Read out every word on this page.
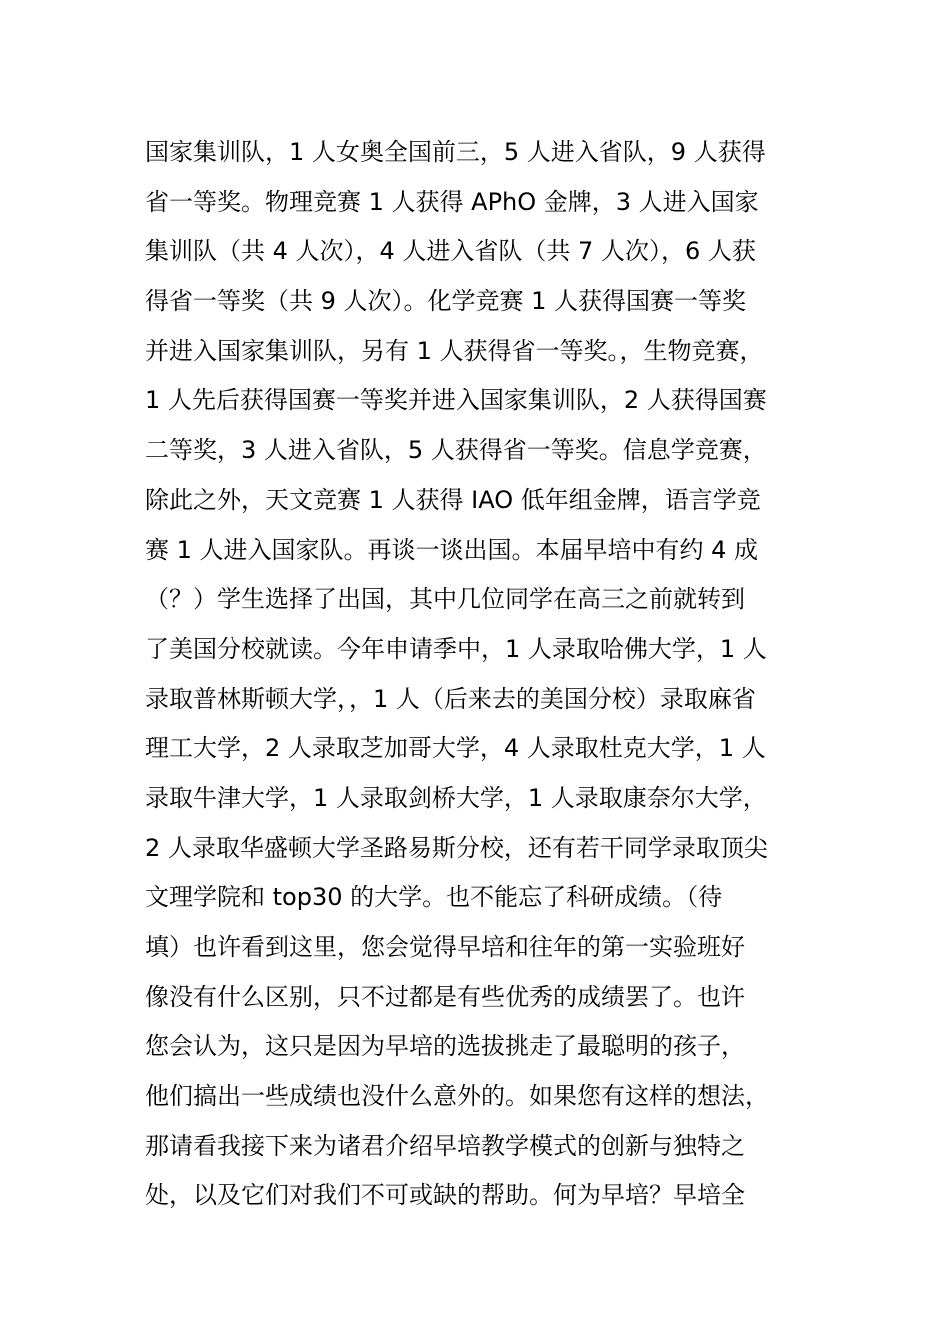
国家集训队，1 人女奥全国前三，5 人进入省队，9 人获得
省一等奖。物理竞赛 1 人获得 APhO 金牌，3 人进入国家
集训队（共 4 人次），4 人进入省队（共 7 人次），6 人获
得省一等奖（共 9 人次）。化学竞赛 1 人获得国赛一等奖
并进入国家集训队，另有 1 人获得省一等奖。，生物竞赛，
1 人先后获得国赛一等奖并进入国家集训队，2 人获得国赛
二等奖，3 人进入省队，5 人获得省一等奖。信息学竞赛，
除此之外，天文竞赛 1 人获得 IAO 低年组金牌，语言学竞
赛 1 人进入国家队。再谈一谈出国。本届早培中有约 4 成
（？）学生选择了出国，其中几位同学在高三之前就转到
了美国分校就读。今年申请季中，1 人录取哈佛大学，1 人
录取普林斯顿大学，，1 人（后来去的美国分校）录取麻省
理工大学，2 人录取芝加哥大学，4 人录取杜克大学，1 人
录取牛津大学，1 人录取剑桥大学，1 人录取康奈尔大学，
2 人录取华盛顿大学圣路易斯分校，还有若干同学录取顶尖
文理学院和 top30 的大学。也不能忘了科研成绩。（待
填）也许看到这里，您会觉得早培和往年的第一实验班好
像没有什么区别，只不过都是有些优秀的成绩罢了。也许
您会认为，这只是因为早培的选拔挑走了最聪明的孩子，
他们搞出一些成绩也没什么意外的。如果您有这样的想法，
那请看我接下来为诸君介绍早培教学模式的创新与独特之
处，以及它们对我们不可或缺的帮助。何为早培？早培全
